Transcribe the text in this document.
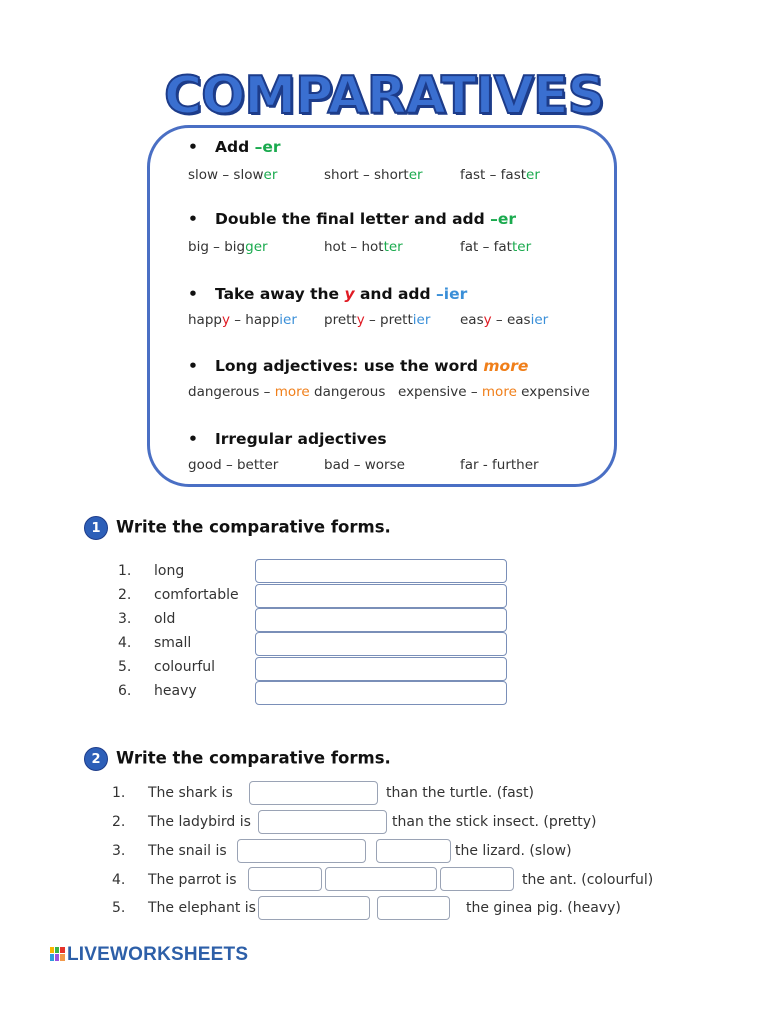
COMPARATIVES
• Add –er
slow – slower	short – shorter	fast – faster
• Double the final letter and add –er
big – bigger	hot – hotter	fat – fatter
• Take away the y and add –ier
happy – happier pretty – prettier easy – easier
• Long adjectives: use the word more
dangerous – more dangerous expensive – more expensive
• Irregular adjectives
good – better	bad – worse	far - further
1 Write the comparative forms.
1. long
2. comfortable
3. old
4. small
5. colourful
6. heavy
2 Write the comparative forms.
1. The shark is	than the turtle. (fast)
2. The ladybird is	than the stick insect. (pretty)
3. The snail is	the lizard. (slow)
4. The parrot is	the ant. (colourful)
5. The elephant is	the ginea pig. (heavy)
LIVEWORKSHEETS
